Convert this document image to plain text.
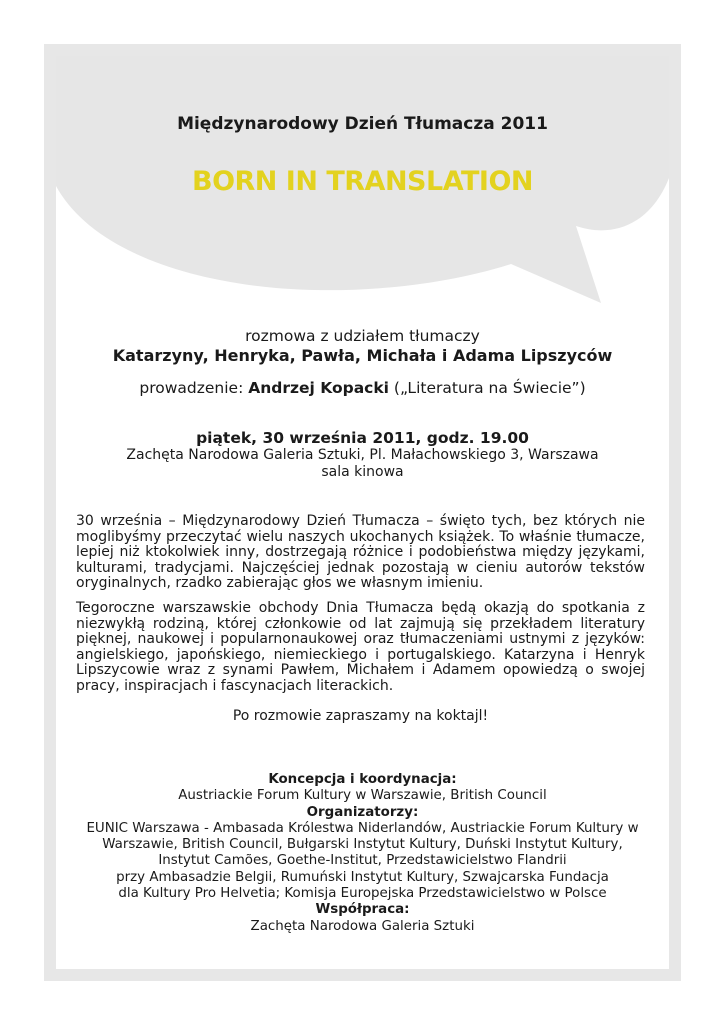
Międzynarodowy Dzień Tłumacza 2011
BORN IN TRANSLATION
rozmowa z udziałem tłumaczy
Katarzyny, Henryka, Pawła, Michała i Adama Lipszyców
prowadzenie: Andrzej Kopacki („Literatura na Świecie”)
piątek, 30 września 2011, godz. 19.00
Zachęta Narodowa Galeria Sztuki, Pl. Małachowskiego 3, Warszawa
sala kinowa

30 września – Międzynarodowy Dzień Tłumacza – święto tych, bez których nie moglibyśmy przeczytać wielu naszych ukochanych książek. To właśnie tłumacze, lepiej niż ktokolwiek inny, dostrzegają różnice i podobieństwa między językami, kulturami, tradycjami. Najczęściej jednak pozostają w cieniu autorów tekstów oryginalnych, rzadko zabierając głos we własnym imieniu.

Tegoroczne warszawskie obchody Dnia Tłumacza będą okazją do spotkania z niezwykłą rodziną, której członkowie od lat zajmują się przekładem literatury pięknej, naukowej i popularnonaukowej oraz tłumaczeniami ustnymi z języków: angielskiego, japońskiego, niemieckiego i portugalskiego. Katarzyna i Henryk Lipszycowie wraz z synami Pawłem, Michałem i Adamem opowiedzą o swojej pracy, inspiracjach i fascynacjach literackich.

Po rozmowie zapraszamy na koktajl!

Koncepcja i koordynacja:
Austriackie Forum Kultury w Warszawie, British Council
Organizatorzy:
EUNIC Warszawa - Ambasada Królestwa Niderlandów, Austriackie Forum Kultury w
Warszawie, British Council, Bułgarski Instytut Kultury, Duński Instytut Kultury,
Instytut Camões, Goethe-Institut, Przedstawicielstwo Flandrii
przy Ambasadzie Belgii, Rumuński Instytut Kultury, Szwajcarska Fundacja
dla Kultury Pro Helvetia; Komisja Europejska Przedstawicielstwo w Polsce
Współpraca:
Zachęta Narodowa Galeria Sztuki
